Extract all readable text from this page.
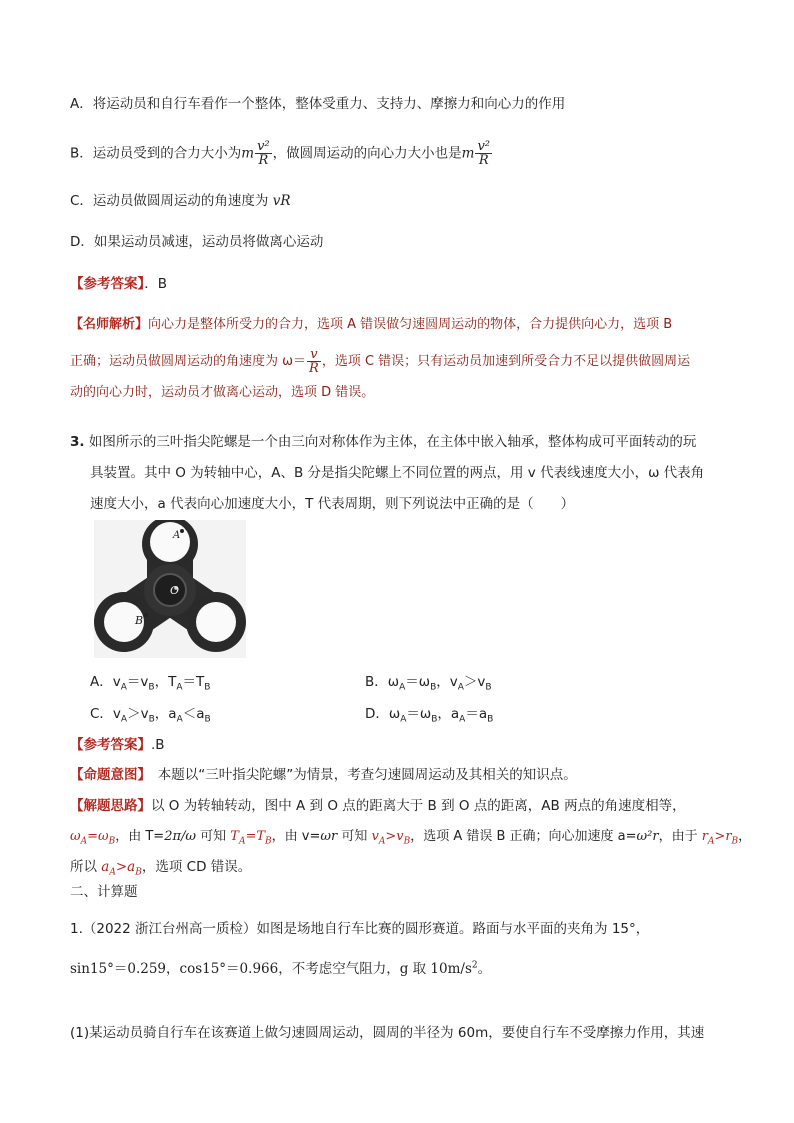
A．将运动员和自行车看作一个整体，整体受重力、支持力、摩擦力和向心力的作用
B．运动员受到的合力大小为m $\frac{\text{v²}}{R}$ ，做圆周运动的向心力大小也是m $\frac{\text{v²}}{R}$
C．运动员做圆周运动的角速度为 vR
D．如果运动员减速，运动员将做离心运动
【参考答案】．B
【名师解析】向心力是整体所受力的合力，选项 A 错误做匀速圆周运动的物体，合力提供向心力，选项 B
正确；运动员做圆周运动的角速度为 $\omega= \frac{v}{R}$ ，选项 C 错误；只有运动员加速到所受合力不足以提供做圆周运
动的向心力时，运动员才做离心运动，选项 D 错误。
3. 如图所示的三叶指尖陀螺是一个由三向对称体作为主体，在主体中嵌入轴承，整体构成可平面转动的玩
具装置。其中 O 为转轴中心，A、B 分是指尖陀螺上不同位置的两点，用 v 代表线速度大小，ω 代表角
速度大小，a 代表向心加速度大小，T 代表周期，则下列说法中正确的是（　　）
A
O
B
A．$v_A=v_B$，$T_A=T_B$	B．$\omega_A=\omega_B$，$v_A>v_B$
C．$v_A>v_B$，$a_A<a_B$	D．$\omega_A=\omega_B$，$a_A=a_B$
【参考答案】.B
【命题意图】　本题以“三叶指尖陀螺”为情景，考查匀速圆周运动及其相关的知识点。
【解题思路】以 O 为转轴转动，图中 A 到 O 点的距离大于 B 到 O 点的距离，AB 两点的角速度相等，
$\omega_A=\omega_B$，由 T=2π/ω 可知 $T_A=T_B$，由 v=ωr 可知 $v_A>v_B$，选项 A 错误 B 正确；向心加速度 a=ω²r，由于 $r_A>r_B$，
所以 $a_A>a_B$，选项 CD 错误。
二、计算题
1.（2022 浙江台州高一质检）如图是场地自行车比赛的圆形赛道。路面与水平面的夹角为 15°，
sin15°＝0.259，cos15°＝0.966，不考虑空气阻力，g 取 $10m/s^2$。
(1)某运动员骑自行车在该赛道上做匀速圆周运动，圆周的半径为 60m，要使自行车不受摩擦力作用，其速
